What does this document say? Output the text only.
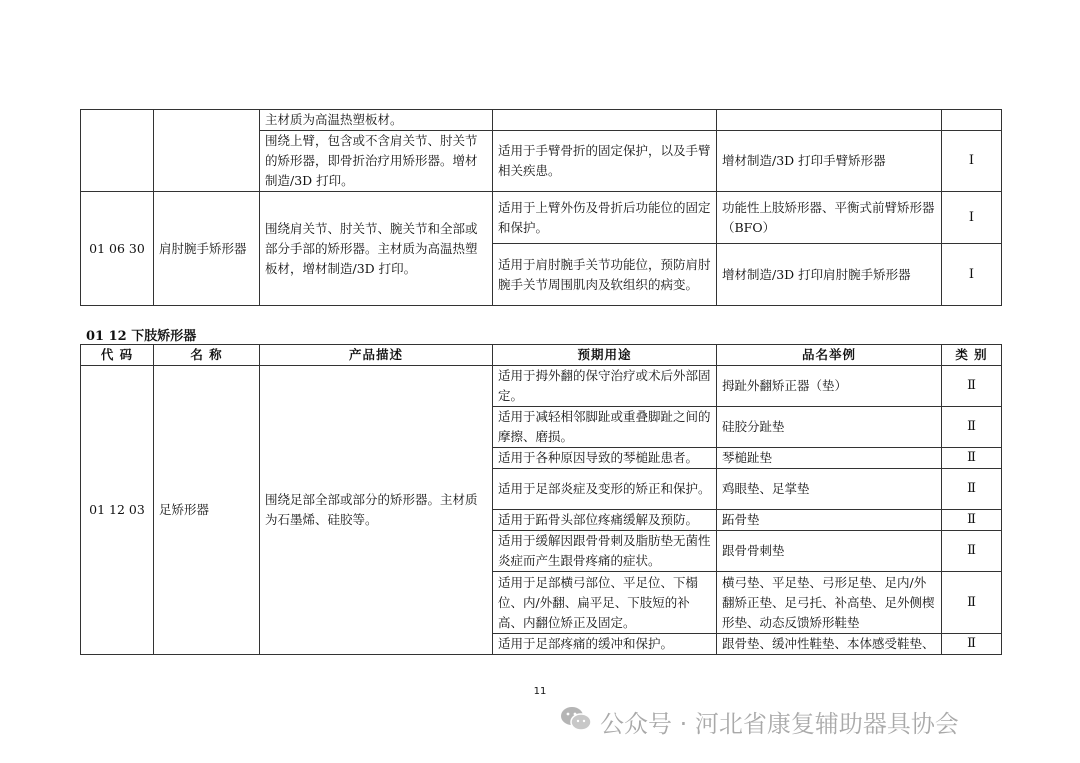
		主材质为高温热塑板材。			
		围绕上臂，包含或不含肩关节、肘关节的矫形器，即骨折治疗用矫形器。增材制造/3D 打印。	适用于手臂骨折的固定保护，以及手臂相关疾患。	增材制造/3D 打印手臂矫形器	Ⅰ
01 06 30	肩肘腕手矫形器	围绕肩关节、肘关节、腕关节和全部或部分手部的矫形器。主材质为高温热塑板材，增材制造/3D 打印。	适用于上臂外伤及骨折后功能位的固定和保护。	功能性上肢矫形器、平衡式前臂矫形器（BFO）	Ⅰ
			适用于肩肘腕手关节功能位，预防肩肘腕手关节周围肌肉及软组织的病变。	增材制造/3D 打印肩肘腕手矫形器	Ⅰ
01 12 下肢矫形器
代 码	名 称	产品描述	预期用途	品名举例	类 别
01 12 03	足矫形器	围绕足部全部或部分的矫形器。主材质为石墨烯、硅胶等。	适用于拇外翻的保守治疗或术后外部固定。	拇趾外翻矫正器（垫）	Ⅱ
			适用于减轻相邻脚趾或重叠脚趾之间的摩擦、磨损。	硅胶分趾垫	Ⅱ
			适用于各种原因导致的琴槌趾患者。	琴槌趾垫	Ⅱ
			适用于足部炎症及变形的矫正和保护。	鸡眼垫、足掌垫	Ⅱ
			适用于跖骨头部位疼痛缓解及预防。	跖骨垫	Ⅱ
			适用于缓解因跟骨骨刺及脂肪垫无菌性炎症而产生跟骨疼痛的症状。	跟骨骨刺垫	Ⅱ
			适用于足部横弓部位、平足位、下榻位、内/外翻、扁平足、下肢短的补高、内翻位矫正及固定。	横弓垫、平足垫、弓形足垫、足内/外翻矫正垫、足弓托、补高垫、足外侧楔形垫、动态反馈矫形鞋垫	Ⅱ
			适用于足部疼痛的缓冲和保护。	跟骨垫、缓冲性鞋垫、本体感受鞋垫、	Ⅱ
11
公众号 · 河北省康复辅助器具协会
